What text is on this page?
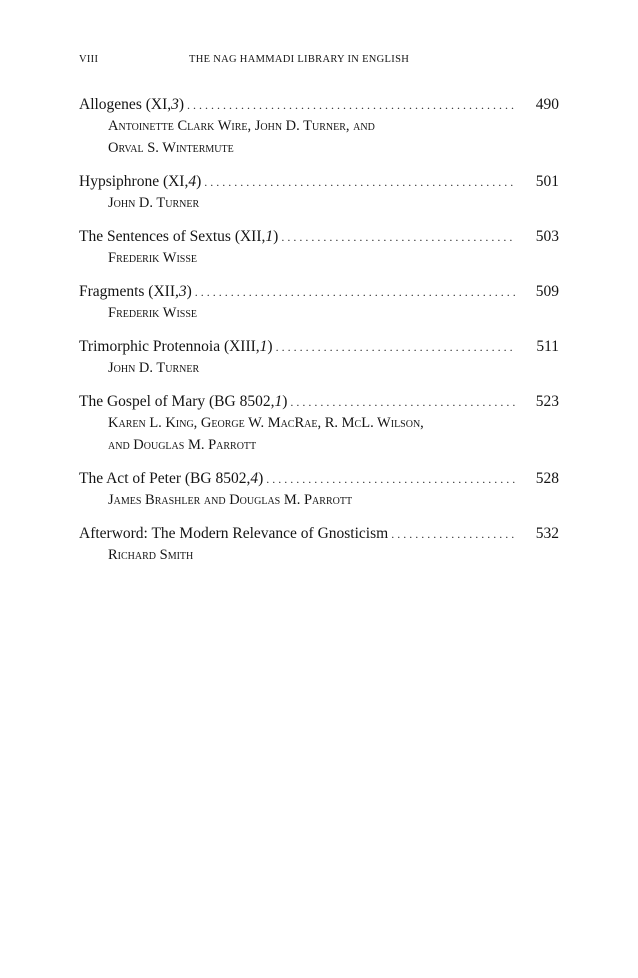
VIII	THE NAG HAMMADI LIBRARY IN ENGLISH
Allogenes (XI,3) . . .	490
Antoinette Clark Wire, John D. Turner, and
Orval S. Wintermute
Hypsiphrone (XI,4) . . .	501
John D. Turner
The Sentences of Sextus (XII,1) . . .	503
Frederik Wisse
Fragments (XII,3) . . .	509
Frederik Wisse
Trimorphic Protennoia (XIII,1) . . .	511
John D. Turner
The Gospel of Mary (BG 8502,1) . . .	523
Karen L. King, George W. MacRae, R. McL. Wilson,
and Douglas M. Parrott
The Act of Peter (BG 8502,4) . . .	528
James Brashler and Douglas M. Parrott
Afterword: The Modern Relevance of Gnosticism . . .	532
Richard Smith
